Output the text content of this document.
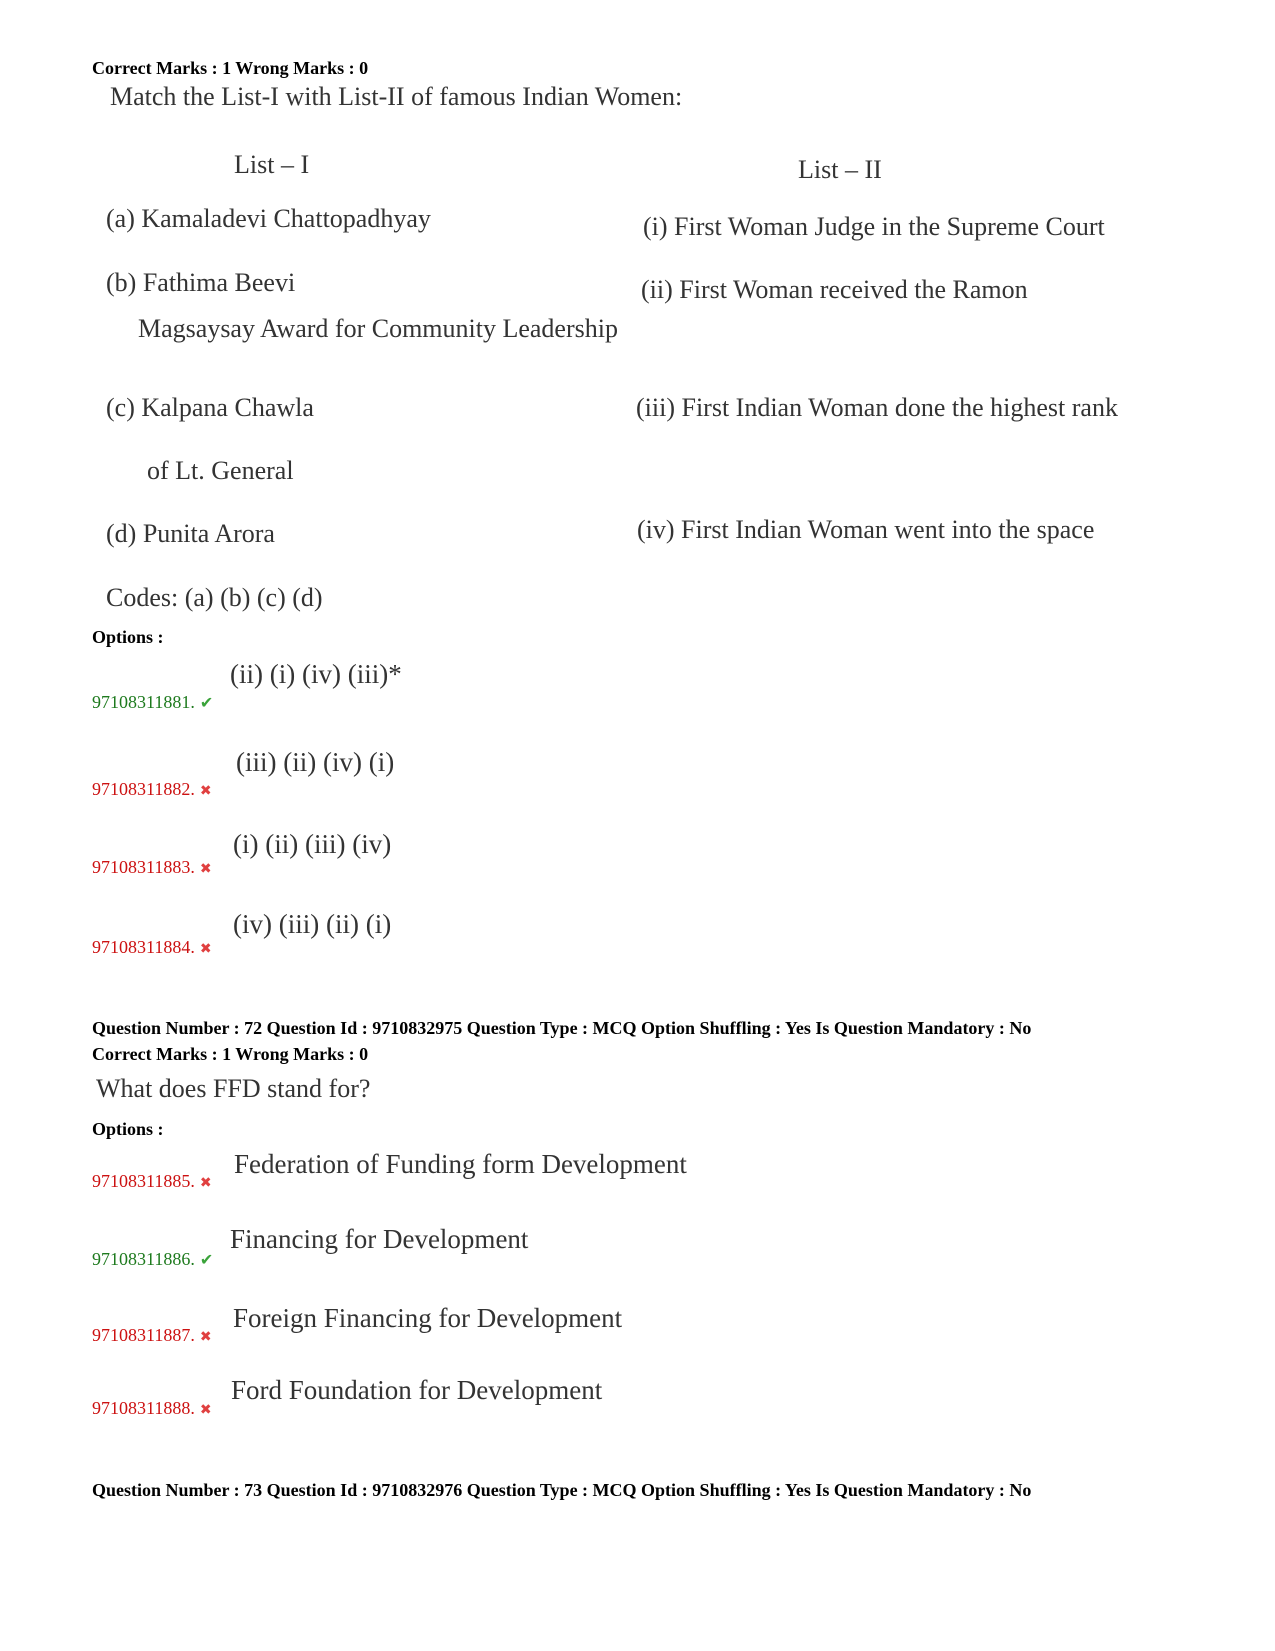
Correct Marks : 1 Wrong Marks : 0
Match the List-I with List-II of famous Indian Women:
List – I	List – II
(a) Kamaladevi Chattopadhyay	(i) First Woman Judge in the Supreme Court
(b) Fathima Beevi	(ii) First Woman received the Ramon
Magsaysay Award for Community Leadership
(c) Kalpana Chawla	(iii) First Indian Woman done the highest rank
of Lt. General
(d) Punita Arora	(iv) First Indian Woman went into the space
Codes: (a) (b) (c) (d)
Options :
97108311881. ✔
(ii) (i) (iv) (iii)*
97108311882. ✖
(iii) (ii) (iv) (i)
97108311883. ✖
(i) (ii) (iii) (iv)
97108311884. ✖
(iv) (iii) (ii) (i)
Question Number : 72 Question Id : 9710832975 Question Type : MCQ Option Shuffling : Yes Is Question Mandatory : No
Correct Marks : 1 Wrong Marks : 0
What does FFD stand for?
Options :
97108311885. ✖
Federation of Funding form Development
97108311886. ✔
Financing for Development
97108311887. ✖
Foreign Financing for Development
97108311888. ✖
Ford Foundation for Development
Question Number : 73 Question Id : 9710832976 Question Type : MCQ Option Shuffling : Yes Is Question Mandatory : No
